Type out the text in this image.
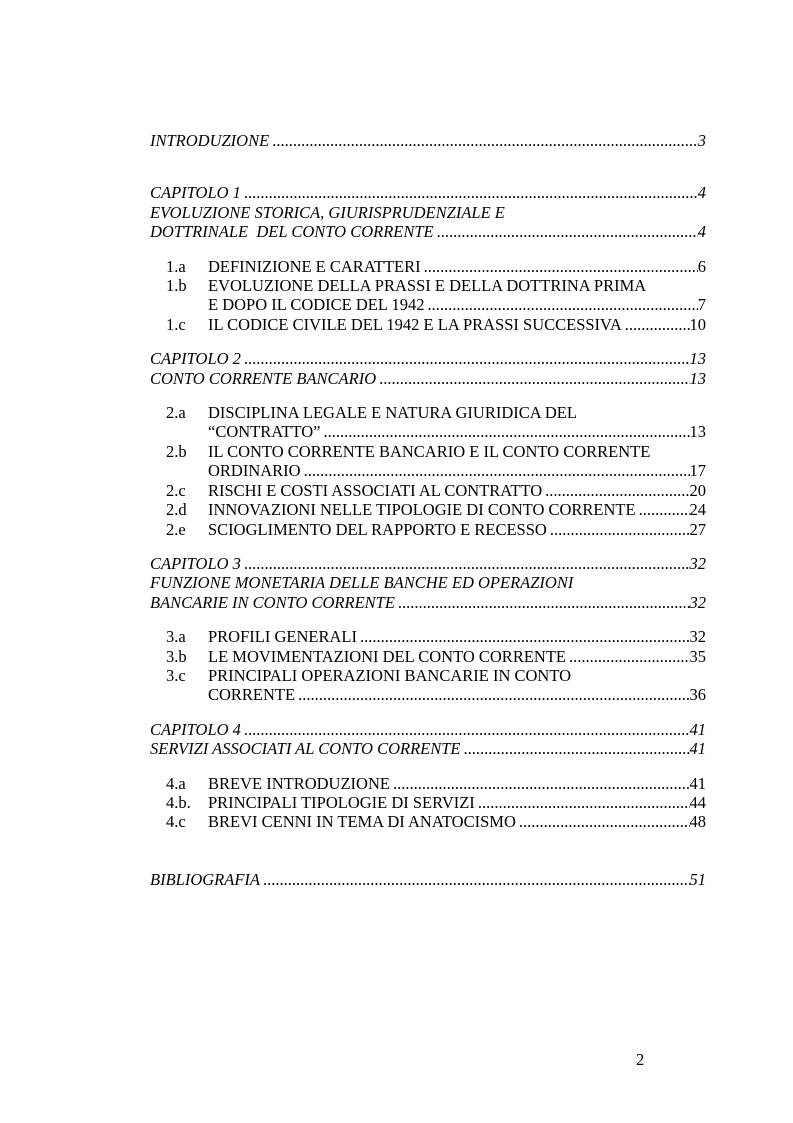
INTRODUZIONE .....	3
CAPITOLO 1 .....	4
EVOLUZIONE STORICA, GIURISPRUDENZIALE E
DOTTRINALE  DEL CONTO CORRENTE .....	4
1.a	DEFINIZIONE E CARATTERI .....	6
1.b	EVOLUZIONE DELLA PRASSI E DELLA DOTTRINA PRIMA
E DOPO IL CODICE DEL 1942 .....	7
1.c	IL CODICE CIVILE DEL 1942 E LA PRASSI SUCCESSIVA .....	10
CAPITOLO 2 .....	13
CONTO CORRENTE BANCARIO .....	13
2.a	DISCIPLINA LEGALE E NATURA GIURIDICA DEL
“CONTRATTO” .....	13
2.b	IL CONTO CORRENTE BANCARIO E IL CONTO CORRENTE
ORDINARIO .....	17
2.c	RISCHI E COSTI ASSOCIATI AL CONTRATTO .....	20
2.d	INNOVAZIONI NELLE TIPOLOGIE DI CONTO CORRENTE .....	24
2.e	SCIOGLIMENTO DEL RAPPORTO E RECESSO .....	27
CAPITOLO 3 .....	32
FUNZIONE MONETARIA DELLE BANCHE ED OPERAZIONI
BANCARIE IN CONTO CORRENTE .....	32
3.a	PROFILI GENERALI .....	32
3.b	LE MOVIMENTAZIONI DEL CONTO CORRENTE .....	35
3.c	PRINCIPALI OPERAZIONI BANCARIE IN CONTO
CORRENTE .....	36
CAPITOLO 4 .....	41
SERVIZI ASSOCIATI AL CONTO CORRENTE .....	41
4.a	BREVE INTRODUZIONE .....	41
4.b.	PRINCIPALI TIPOLOGIE DI SERVIZI .....	44
4.c	BREVI CENNI IN TEMA DI ANATOCISMO .....	48
BIBLIOGRAFIA .....	51
2
